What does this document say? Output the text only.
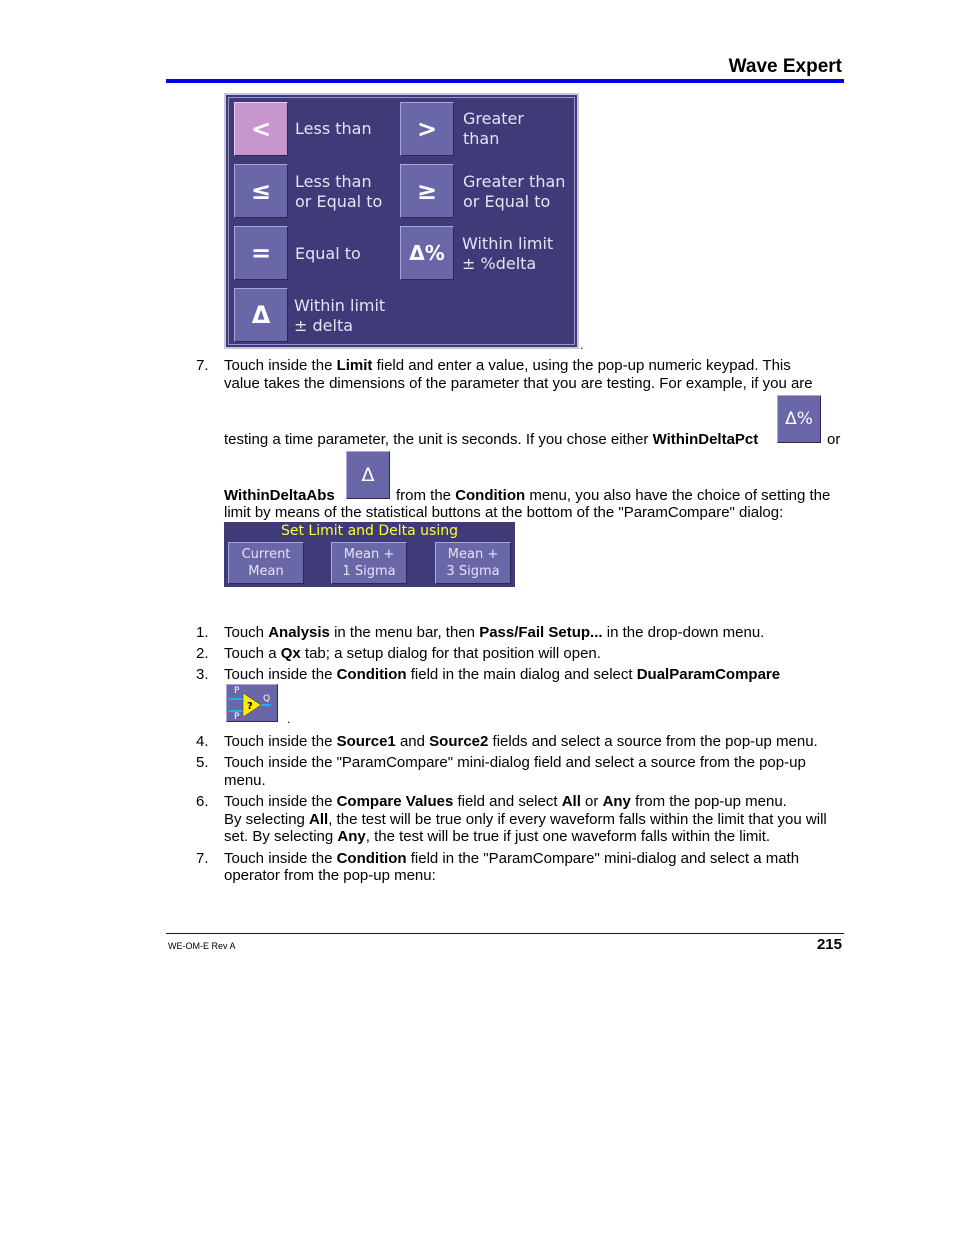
Wave Expert
< Less than > Greater
than
≤ Less than
or Equal to ≥ Greater than
or Equal to
= Equal to Δ% Within limit
± %delta
Δ Within limit
± delta
.
7. Touch inside the Limit field and enter a value, using the pop-up numeric keypad. This
value takes the dimensions of the parameter that you are testing. For example, if you are
testing a time parameter, the unit is seconds. If you chose either WithinDeltaPct
Δ%
or
WithinDeltaAbs
Δ
from the Condition menu, you also have the choice of setting the
limit by means of the statistical buttons at the bottom of the "ParamCompare" dialog:
Set Limit and Delta using
Current
Mean
Mean +
1 Sigma
Mean +
3 Sigma
1. Touch Analysis in the menu bar, then Pass/Fail Setup... in the drop-down menu.
2. Touch a Qx tab; a setup dialog for that position will open.
3. Touch inside the Condition field in the main dialog and select DualParamCompare
P
P
Q
?
.
4. Touch inside the Source1 and Source2 fields and select a source from the pop-up menu.
5. Touch inside the "ParamCompare" mini-dialog field and select a source from the pop-up
menu.
6. Touch inside the Compare Values field and select All or Any from the pop-up menu.
By selecting All, the test will be true only if every waveform falls within the limit that you will
set. By selecting Any, the test will be true if just one waveform falls within the limit.
7. Touch inside the Condition field in the "ParamCompare" mini-dialog and select a math
operator from the pop-up menu:
WE-OM-E Rev A	215
